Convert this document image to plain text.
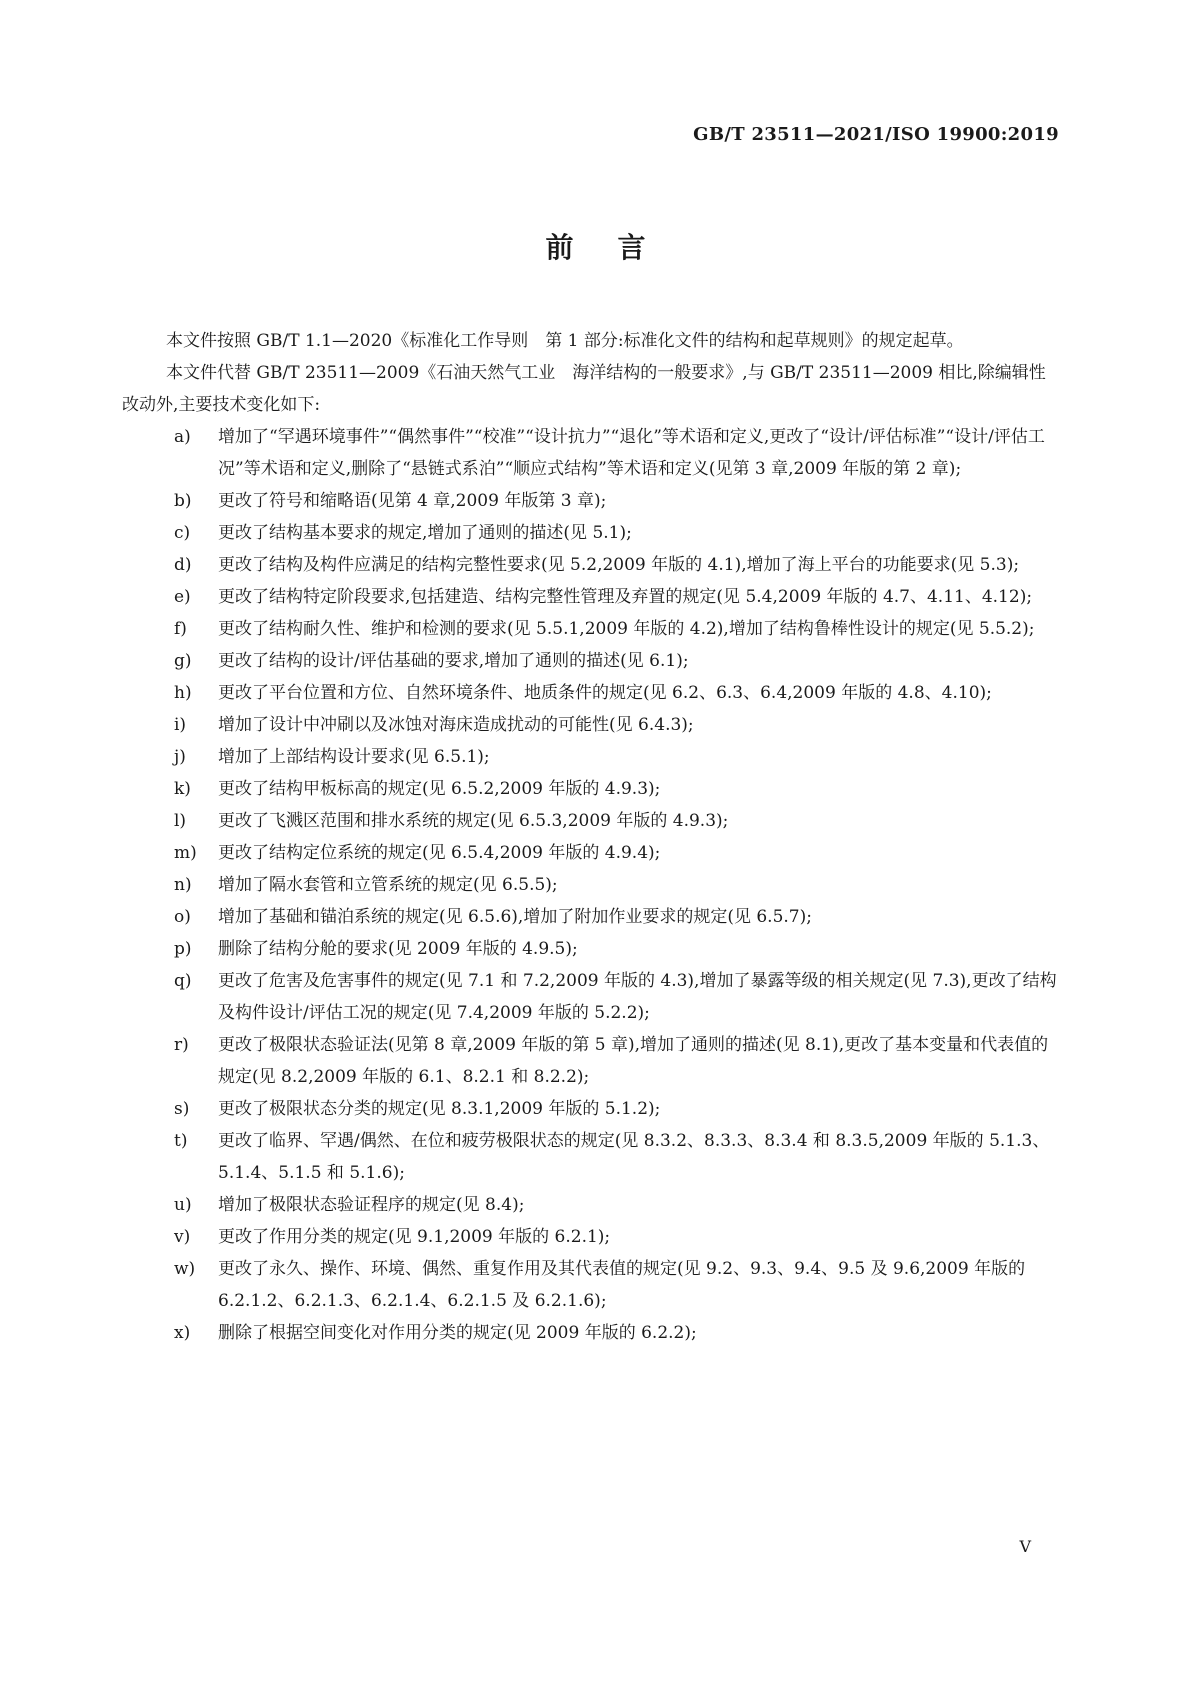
GB/T 23511—2021/ISO 19900:2019
前言

本文件按照 GB/T 1.1—2020《标准化工作导则　第 1 部分:标准化文件的结构和起草规则》的规定起草。

本文件代替 GB/T 23511—2009《石油天然气工业　海洋结构的一般要求》,与 GB/T 23511—2009 相比,除编辑性改动外,主要技术变化如下:

a) 增加了“罕遇环境事件”“偶然事件”“校准”“设计抗力”“退化”等术语和定义,更改了“设计/评估标准”“设计/评估工况”等术语和定义,删除了“悬链式系泊”“顺应式结构”等术语和定义(见第 3 章,2009 年版的第 2 章);
b) 更改了符号和缩略语(见第 4 章,2009 年版第 3 章);
c) 更改了结构基本要求的规定,增加了通则的描述(见 5.1);
d) 更改了结构及构件应满足的结构完整性要求(见 5.2,2009 年版的 4.1),增加了海上平台的功能要求(见 5.3);
e) 更改了结构特定阶段要求,包括建造、结构完整性管理及弃置的规定(见 5.4,2009 年版的 4.7、4.11、4.12);
f) 更改了结构耐久性、维护和检测的要求(见 5.5.1,2009 年版的 4.2),增加了结构鲁棒性设计的规定(见 5.5.2);
g) 更改了结构的设计/评估基础的要求,增加了通则的描述(见 6.1);
h) 更改了平台位置和方位、自然环境条件、地质条件的规定(见 6.2、6.3、6.4,2009 年版的 4.8、4.10);
i) 增加了设计中冲刷以及冰蚀对海床造成扰动的可能性(见 6.4.3);
j) 增加了上部结构设计要求(见 6.5.1);
k) 更改了结构甲板标高的规定(见 6.5.2,2009 年版的 4.9.3);
l) 更改了飞溅区范围和排水系统的规定(见 6.5.3,2009 年版的 4.9.3);
m) 更改了结构定位系统的规定(见 6.5.4,2009 年版的 4.9.4);
n) 增加了隔水套管和立管系统的规定(见 6.5.5);
o) 增加了基础和锚泊系统的规定(见 6.5.6),增加了附加作业要求的规定(见 6.5.7);
p) 删除了结构分舱的要求(见 2009 年版的 4.9.5);
q) 更改了危害及危害事件的规定(见 7.1 和 7.2,2009 年版的 4.3),增加了暴露等级的相关规定(见 7.3),更改了结构及构件设计/评估工况的规定(见 7.4,2009 年版的 5.2.2);
r) 更改了极限状态验证法(见第 8 章,2009 年版的第 5 章),增加了通则的描述(见 8.1),更改了基本变量和代表值的规定(见 8.2,2009 年版的 6.1、8.2.1 和 8.2.2);
s) 更改了极限状态分类的规定(见 8.3.1,2009 年版的 5.1.2);
t) 更改了临界、罕遇/偶然、在位和疲劳极限状态的规定(见 8.3.2、8.3.3、8.3.4 和 8.3.5,2009 年版的 5.1.3、5.1.4、5.1.5 和 5.1.6);
u) 增加了极限状态验证程序的规定(见 8.4);
v) 更改了作用分类的规定(见 9.1,2009 年版的 6.2.1);
w) 更改了永久、操作、环境、偶然、重复作用及其代表值的规定(见 9.2、9.3、9.4、9.5 及 9.6,2009 年版的 6.2.1.2、6.2.1.3、6.2.1.4、6.2.1.5 及 6.2.1.6);
x) 删除了根据空间变化对作用分类的规定(见 2009 年版的 6.2.2);
V
